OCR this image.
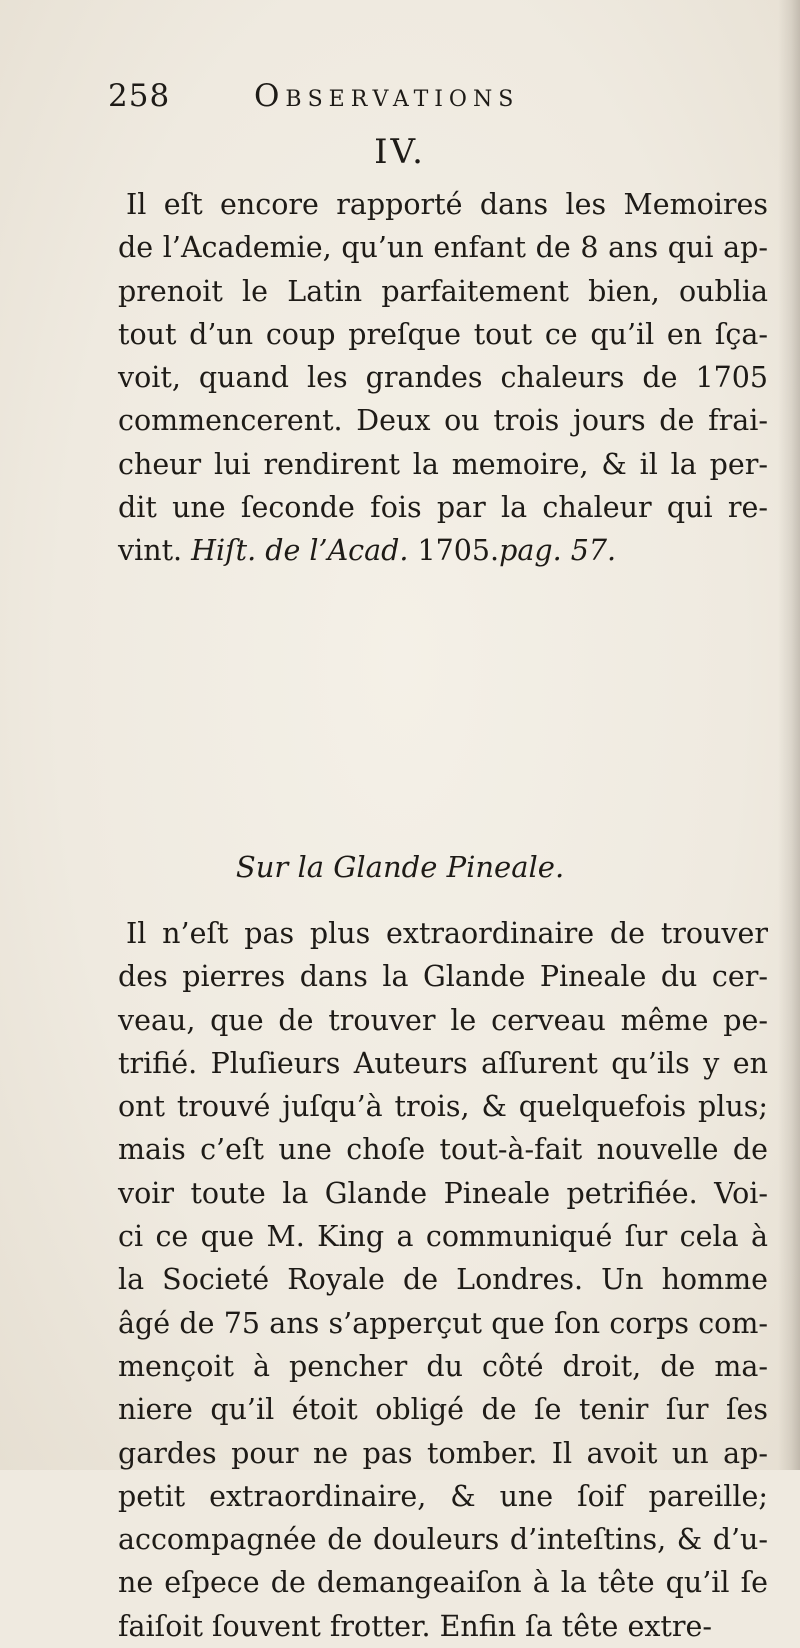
258	Observations
IV.
Il eſt encore rapporté dans les Memoires
de l’Academie, qu’un enfant de 8 ans qui ap-
prenoit le Latin parfaitement bien, oublia
tout d’un coup preſque tout ce qu’il en ſça-
voit, quand les grandes chaleurs de 1705
commencerent. Deux ou trois jours de frai-
cheur lui rendirent la memoire, & il la per-
dit une ſeconde fois par la chaleur qui re-
vint. Hiſt. de l’Acad. 1705.pag. 57.
Sur la Glande Pineale.
Il n’eſt pas plus extraordinaire de trouver
des pierres dans la Glande Pineale du cer-
veau, que de trouver le cerveau même pe-
trifié. Pluſieurs Auteurs aſſurent qu’ils y en
ont trouvé juſqu’à trois, & quelquefois plus;
mais c’eſt une choſe tout-à-fait nouvelle de
voir toute la Glande Pineale petrifiée. Voi-
ci ce que M. King a communiqué ſur cela à
la Societé Royale de Londres. Un homme
âgé de 75 ans s’apperçut que ſon corps com-
mençoit à pencher du côté droit, de ma-
niere qu’il étoit obligé de ſe tenir ſur ſes
gardes pour ne pas tomber. Il avoit un ap-
petit extraordinaire, & une ſoif pareille;
accompagnée de douleurs d’inteſtins, & d’u-
ne eſpece de demangeaiſon à la tête qu’il ſe
faiſoit ſouvent frotter. Enfin ſa tête extre-
